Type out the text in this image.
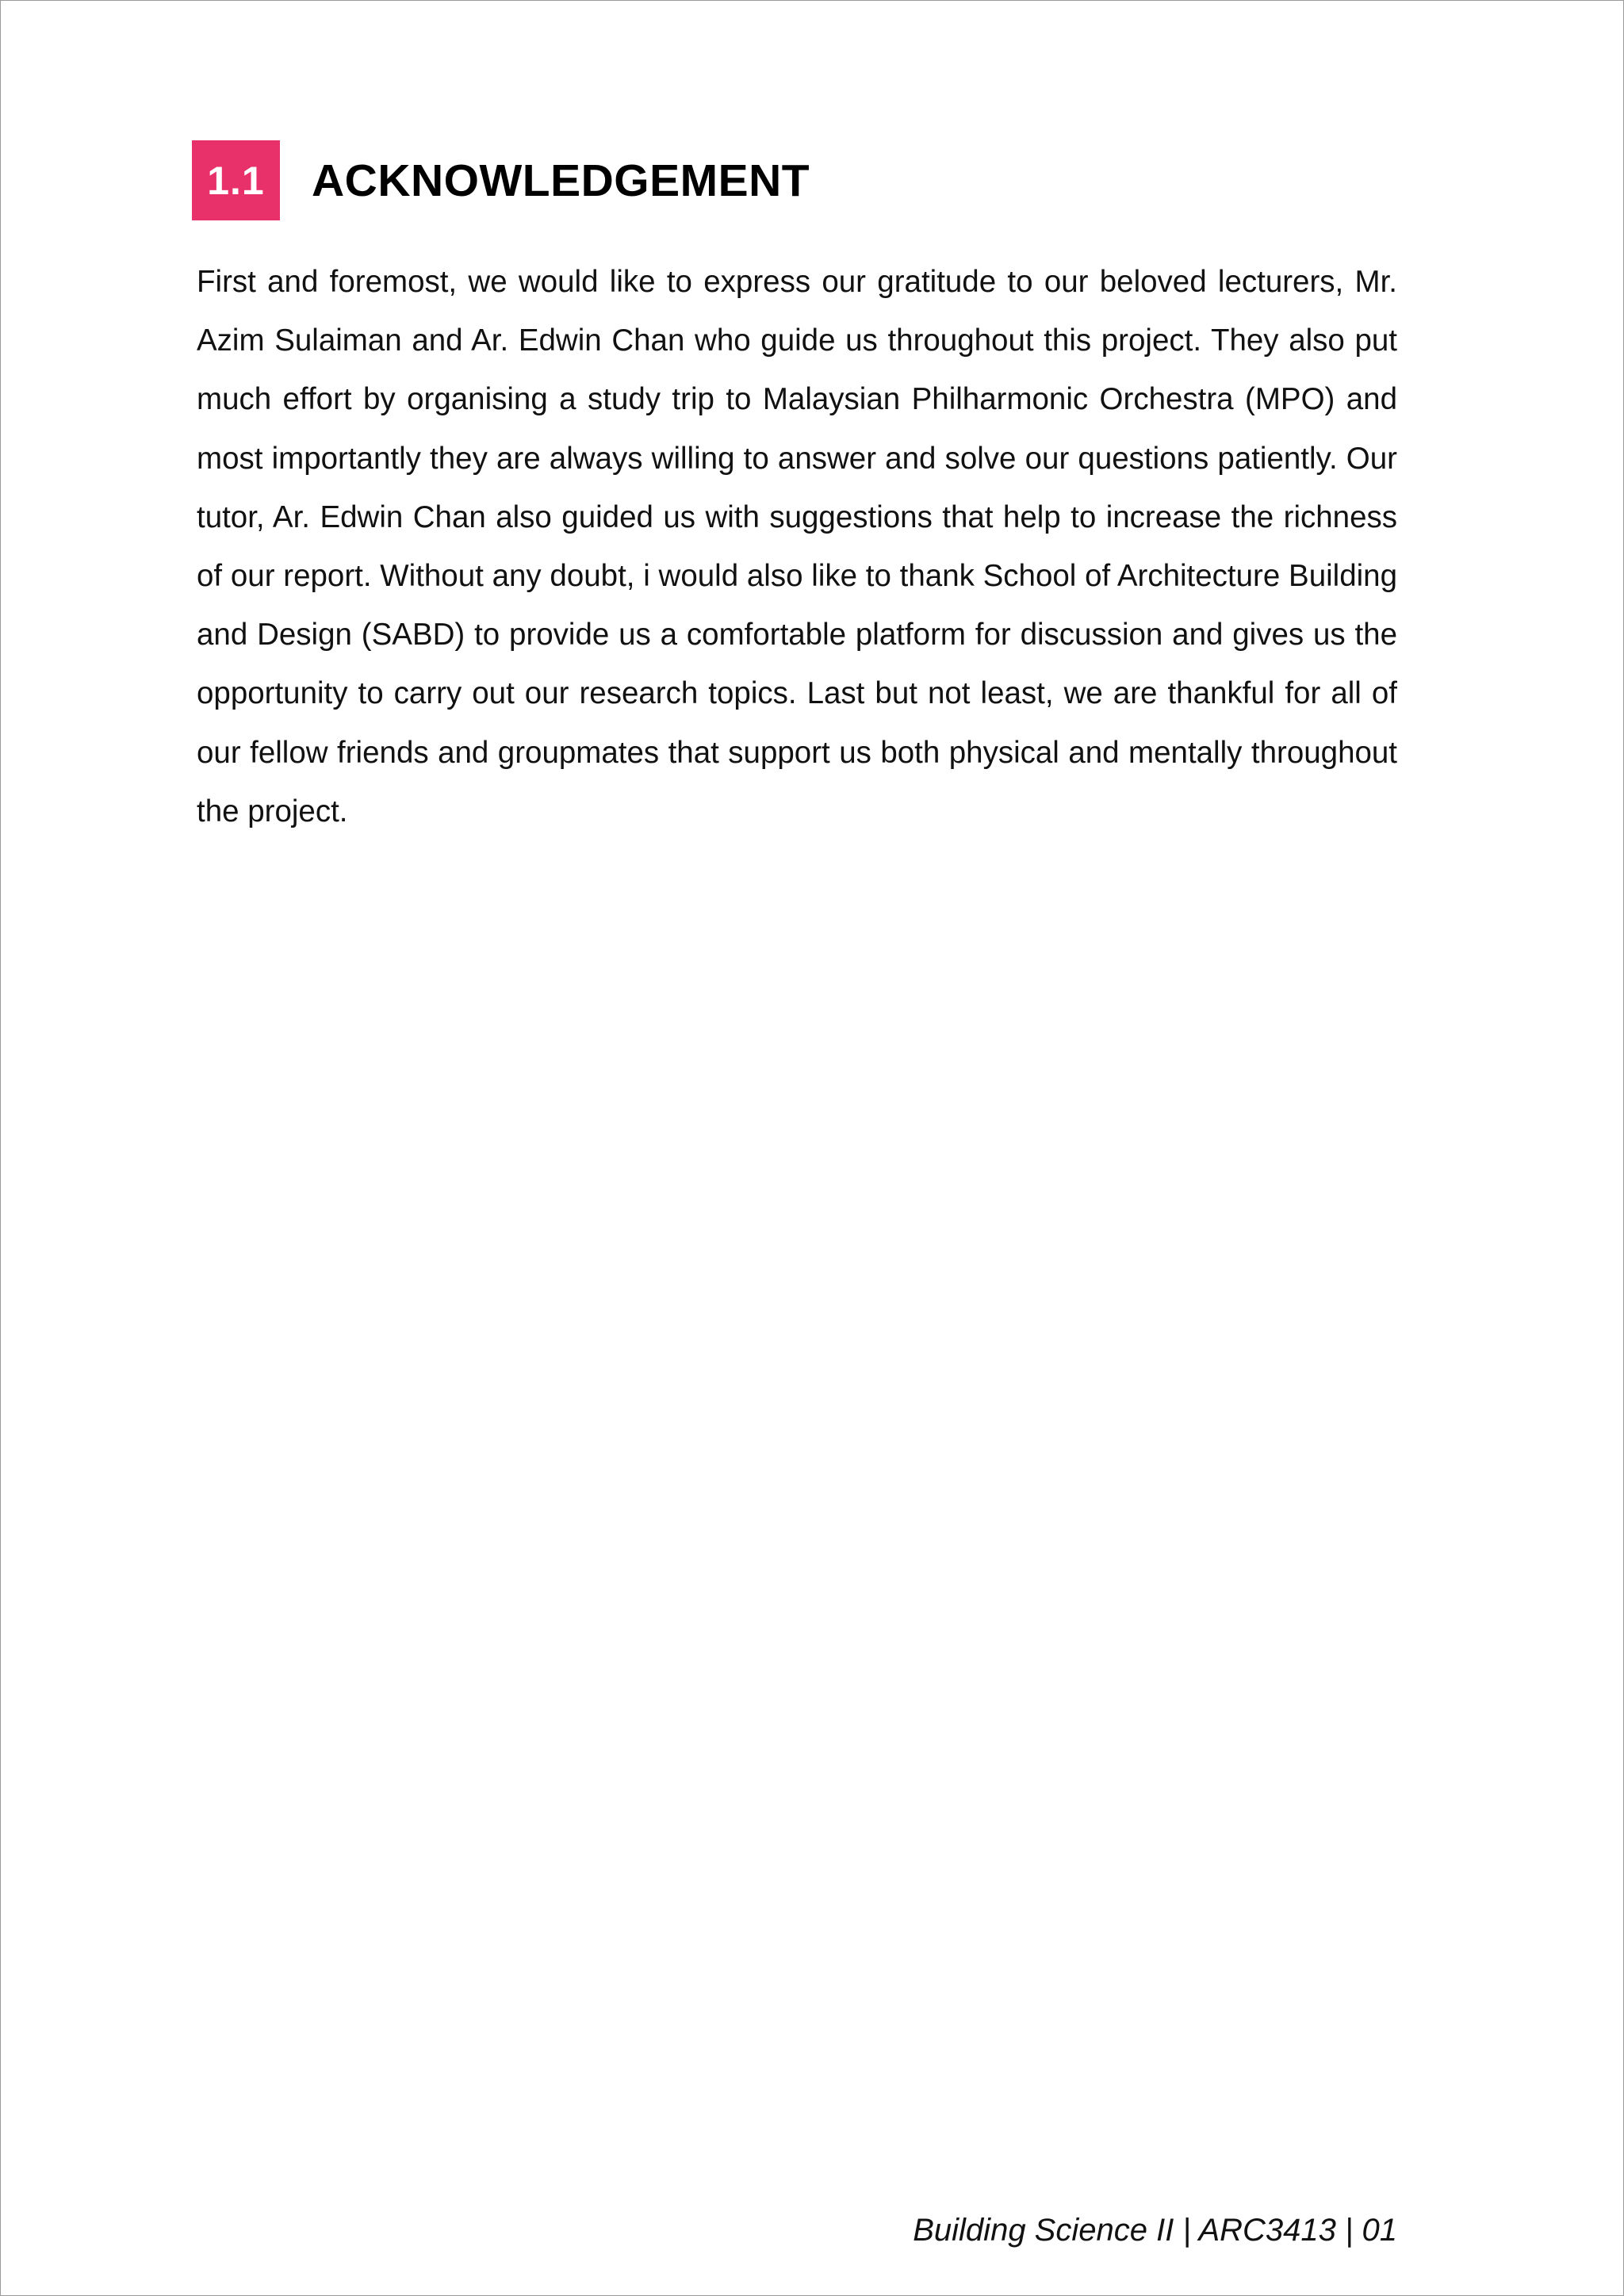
1.1	ACKNOWLEDGEMENT

First and foremost, we would like to express our gratitude to our beloved lecturers, Mr. Azim Sulaiman and Ar. Edwin Chan who guide us throughout this project. They also put much effort by organising a study trip to Malaysian Philharmonic Orchestra (MPO) and most importantly they are always willing to answer and solve our questions patiently. Our tutor, Ar. Edwin Chan also guided us with suggestions that help to increase the richness of our report. Without any doubt, i would also like to thank School of Architecture Building and Design (SABD) to provide us a comfortable platform for discussion and gives us the opportunity to carry out our research topics. Last but not least, we are thankful for all of our fellow friends and groupmates that support us both physical and mentally throughout the project.

Building Science II | ARC3413 | 01
